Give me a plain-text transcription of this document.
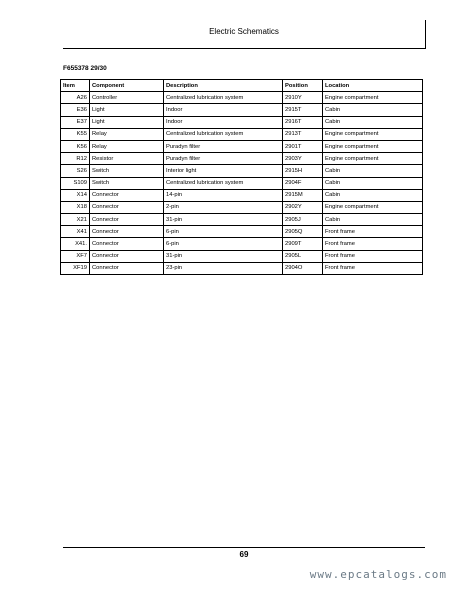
Electric Schematics
F655378 29/30
Item	Component	Description	Position	Location
A26	Controller	Centralized lubrication system	2910Y	Engine compartment
E36	Light	Indoor	2915T	Cabin
E37	Light	Indoor	2916T	Cabin
K55	Relay	Centralized lubrication system	2913T	Engine compartment
K56	Relay	Puradyn filter	2901T	Engine compartment
R12	Resistor	Puradyn filter	2903Y	Engine compartment
S26	Switch	Interior light	2915H	Cabin
S109	Switch	Centralized lubrication system	2904F	Cabin
X14	Connector	14-pin	2915M	Cabin
X18	Connector	2-pin	2902Y	Engine compartment
X21	Connector	31-pin	2905J	Cabin
X41	Connector	6-pin	2905Q	Front frame
X41.	Connector	6-pin	2909T	Front frame
XF7	Connector	31-pin	2905L	Front frame
XF19	Connector	23-pin	2904O	Front frame
69
www.epcatalogs.com
